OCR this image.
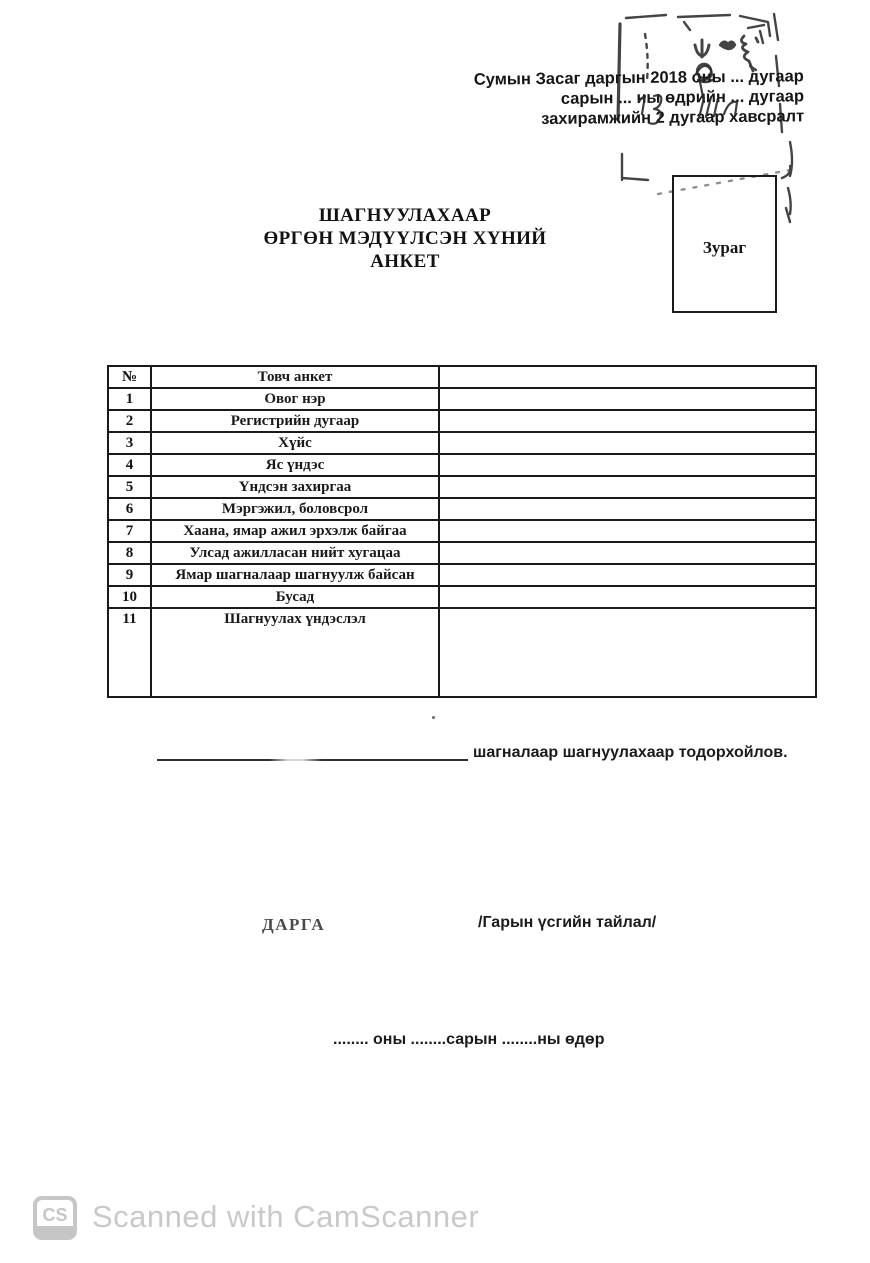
Сумын Засаг даргын 2018 оны ... дугаар
сарын ... ны өдрийн ... дугаар
захирамжийн 2 дугаар хавсралт
ШАГНУУЛАХААР
ӨРГӨН МЭДҮҮЛСЭН ХҮНИЙ АНКЕТ
Зураг
№	Товч анкет
1	Овог нэр
2	Регистрийн дугаар
3	Хүйс
4	Яс үндэс
5	Үндсэн захиргаа
6	Мэргэжил, боловсрол
7	Хаана, ямар ажил эрхэлж байгаа
8	Улсад ажилласан нийт хугацаа
9	Ямар шагналаар шагнуулж байсан
10	Бусад
11	Шагнуулах үндэслэл
шагналаар шагнуулахаар тодорхойлов.
ДАРГА	/Гарын үсгийн тайлал/
........ оны ........сарын ........ны өдөр
CS Scanned with CamScanner
